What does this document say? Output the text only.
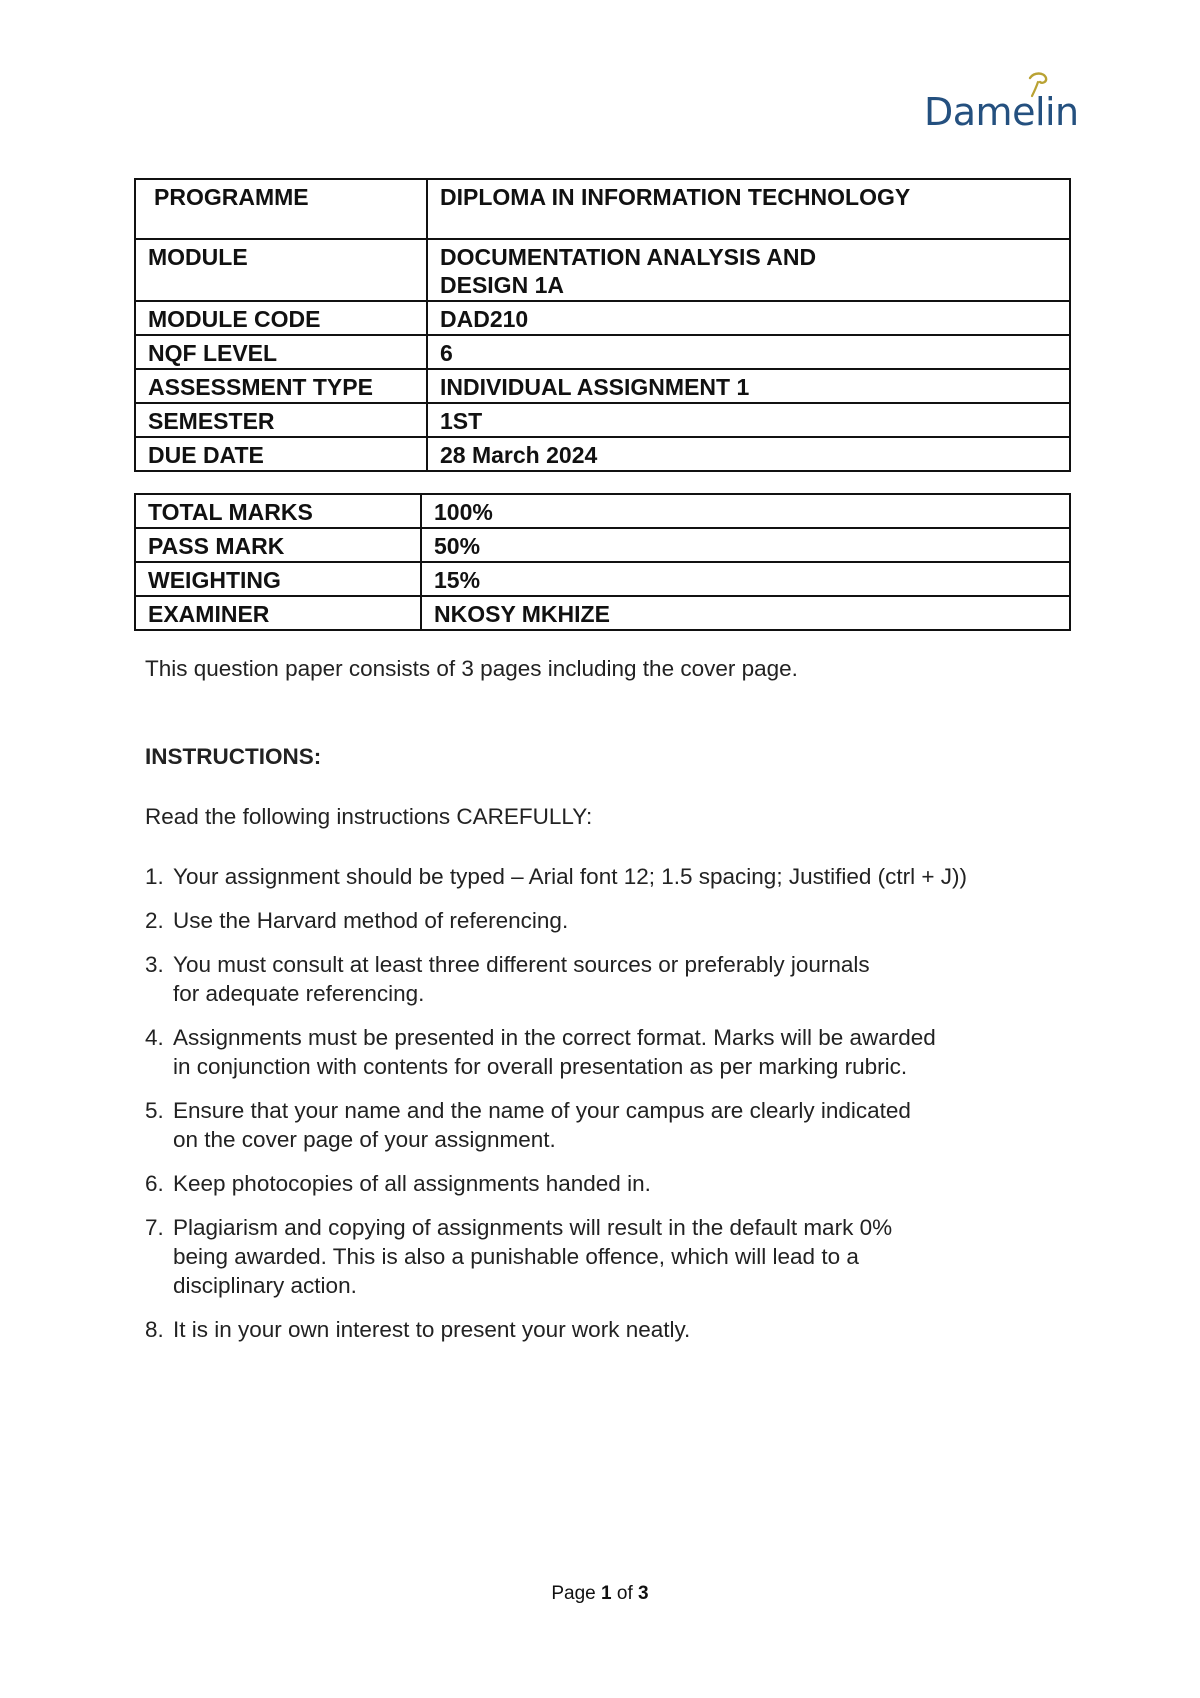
Damelin
PROGRAMME	DIPLOMA IN INFORMATION TECHNOLOGY
MODULE	DOCUMENTATION ANALYSIS AND
DESIGN 1A
MODULE CODE	DAD210
NQF LEVEL	6
ASSESSMENT TYPE	INDIVIDUAL ASSIGNMENT 1
SEMESTER	1ST
DUE DATE	28 March 2024
TOTAL MARKS	100%
PASS MARK	50%
WEIGHTING	15%
EXAMINER	NKOSY MKHIZE
This question paper consists of 3 pages including the cover page.
INSTRUCTIONS:
Read the following instructions CAREFULLY:
1. Your assignment should be typed – Arial font 12; 1.5 spacing; Justified (ctrl + J))
2. Use the Harvard method of referencing.
3. You must consult at least three different sources or preferably journals
for adequate referencing.
4. Assignments must be presented in the correct format. Marks will be awarded
in conjunction with contents for overall presentation as per marking rubric.
5. Ensure that your name and the name of your campus are clearly indicated
on the cover page of your assignment.
6. Keep photocopies of all assignments handed in.
7. Plagiarism and copying of assignments will result in the default mark 0%
being awarded. This is also a punishable offence, which will lead to a
disciplinary action.
8. It is in your own interest to present your work neatly.
Page 1 of 3
